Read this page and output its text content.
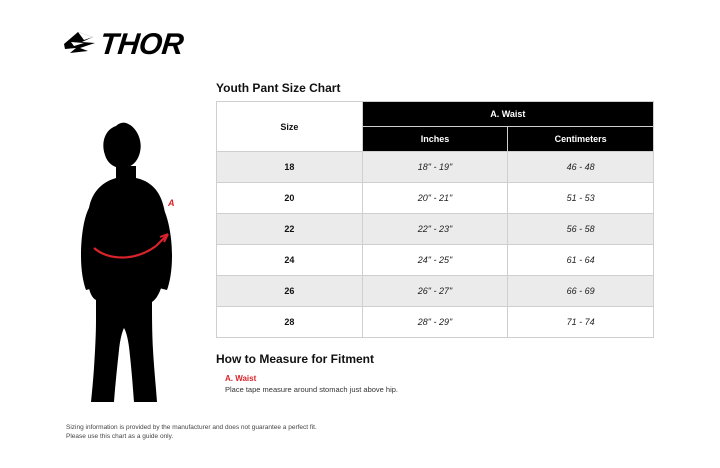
THOR
A
Youth Pant Size Chart
Size	A. Waist	
	Inches	Centimeters
18	18" - 19"	46 - 48
20	20" - 21"	51 - 53
22	22" - 23"	56 - 58
24	24" - 25"	61 - 64
26	26" - 27"	66 - 69
28	28" - 29"	71 - 74
How to Measure for Fitment
A. Waist
Place tape measure around stomach just above hip.
Sizing information is provided by the manufacturer and does not guarantee a perfect fit.
Please use this chart as a guide only.
